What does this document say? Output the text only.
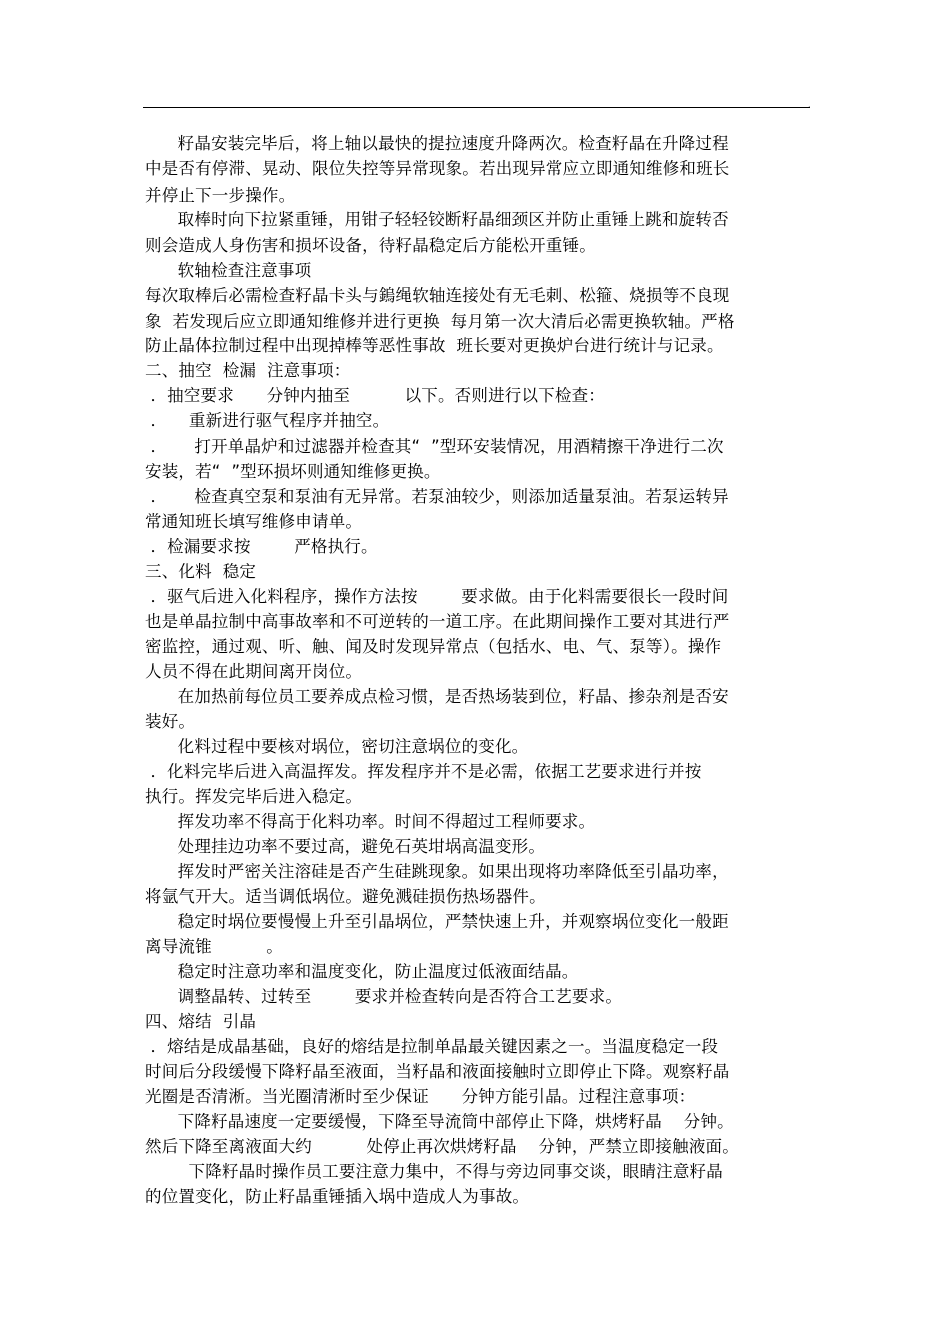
·
籽晶安装完毕后，将上轴以最快的提拉速度升降两次。检查籽晶在升降过程
中是否有停滞、晃动、限位失控等异常现象。若出现异常应立即通知维修和班长
并停止下一步操作。
取棒时向下拉紧重锤，用钳子轻轻铰断籽晶细颈区并防止重锤上跳和旋转否
则会造成人身伤害和损坏设备，待籽晶稳定后方能松开重锤。
软轴检查注意事项
每次取棒后必需检查籽晶卡头与鎢绳软轴连接处有无毛刺、松箍、烧损等不良现
象  若发现后应立即通知维修并进行更换  每月第一次大清后必需更换软轴。严格
防止晶体拉制过程中出现掉棒等恶性事故  班长要对更换炉台进行统计与记录。
二、抽空  检漏  注意事项：
．抽空要求      分钟内抽至          以下。否则进行以下检查：
．    重新进行驱气程序并抽空。
．     打开单晶炉和过滤器并检查其“  ”型环安装情况，用酒精擦干净进行二次
安装，若“  ”型环损坏则通知维修更换。
．     检查真空泵和泵油有无异常。若泵油较少，则添加适量泵油。若泵运转异
常通知班长填写维修申请单。
．检漏要求按        严格执行。
三、化料  稳定
．驱气后进入化料程序，操作方法按        要求做。由于化料需要很长一段时间
也是单晶拉制中高事故率和不可逆转的一道工序。在此期间操作工要对其进行严
密监控，通过观、听、触、闻及时发现异常点（包括水、电、气、泵等）。操作
人员不得在此期间离开岗位。
在加热前每位员工要养成点检习惯，是否热场装到位，籽晶、掺杂剂是否安
装好。
化料过程中要核对埚位，密切注意埚位的变化。
．化料完毕后进入高温挥发。挥发程序并不是必需，依据工艺要求进行并按
执行。挥发完毕后进入稳定。
挥发功率不得高于化料功率。时间不得超过工程师要求。
处理挂边功率不要过高，避免石英坩埚高温变形。
挥发时严密关注溶硅是否产生硅跳现象。如果出现将功率降低至引晶功率，
将氩气开大。适当调低埚位。避免溅硅损伤热场器件。
稳定时埚位要慢慢上升至引晶埚位，严禁快速上升，并观察埚位变化一般距
离导流锥          。
稳定时注意功率和温度变化，防止温度过低液面结晶。
调整晶转、过转至        要求并检查转向是否符合工艺要求。
四、熔结  引晶
．熔结是成晶基础，良好的熔结是拉制单晶最关键因素之一。当温度稳定一段
时间后分段缓慢下降籽晶至液面，当籽晶和液面接触时立即停止下降。观察籽晶
光圈是否清淅。当光圈清淅时至少保证      分钟方能引晶。过程注意事项：
下降籽晶速度一定要缓慢，下降至导流筒中部停止下降，烘烤籽晶    分钟。
然后下降至离液面大约          处停止再次烘烤籽晶    分钟，严禁立即接触液面。
下降籽晶时操作员工要注意力集中，不得与旁边同事交谈，眼睛注意籽晶
的位置变化，防止籽晶重锤插入埚中造成人为事故。
